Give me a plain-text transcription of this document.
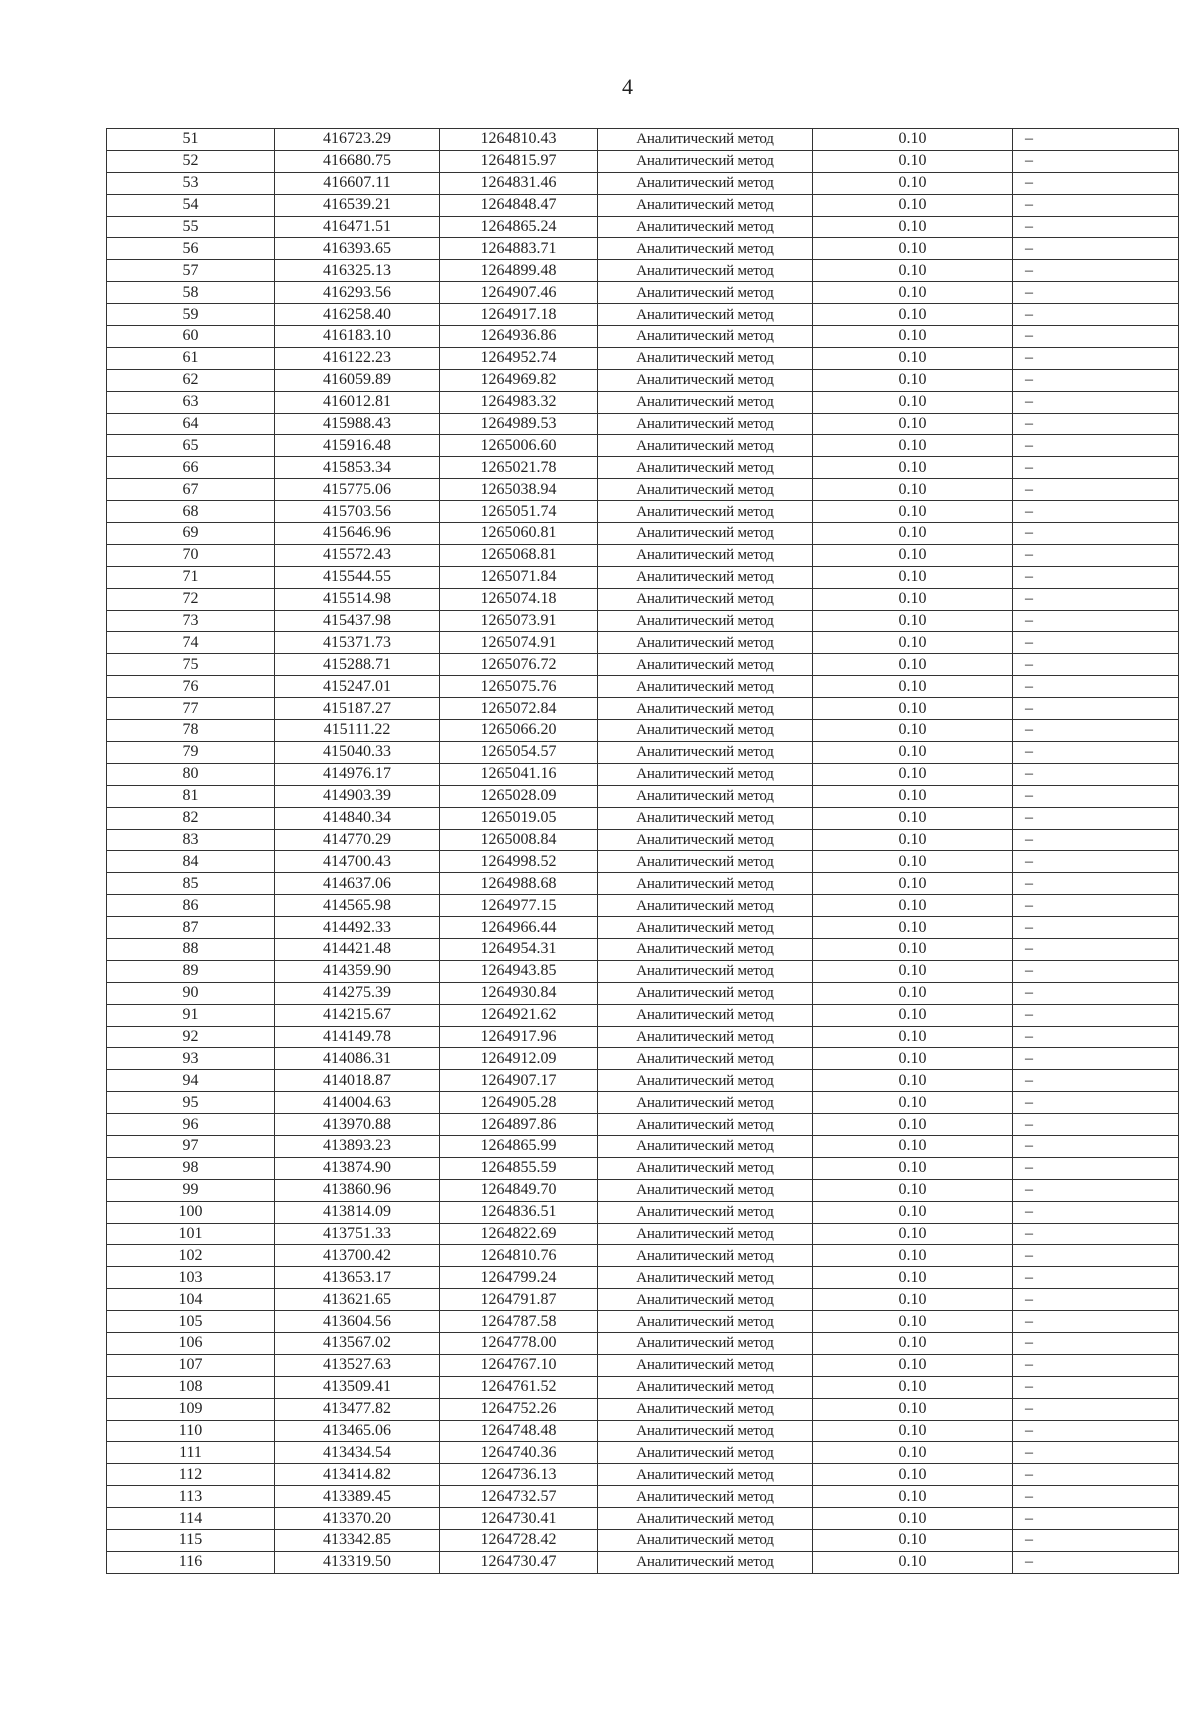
4
51	416723.29	1264810.43	Аналитический метод	0.10	–
52	416680.75	1264815.97	Аналитический метод	0.10	–
53	416607.11	1264831.46	Аналитический метод	0.10	–
54	416539.21	1264848.47	Аналитический метод	0.10	–
55	416471.51	1264865.24	Аналитический метод	0.10	–
56	416393.65	1264883.71	Аналитический метод	0.10	–
57	416325.13	1264899.48	Аналитический метод	0.10	–
58	416293.56	1264907.46	Аналитический метод	0.10	–
59	416258.40	1264917.18	Аналитический метод	0.10	–
60	416183.10	1264936.86	Аналитический метод	0.10	–
61	416122.23	1264952.74	Аналитический метод	0.10	–
62	416059.89	1264969.82	Аналитический метод	0.10	–
63	416012.81	1264983.32	Аналитический метод	0.10	–
64	415988.43	1264989.53	Аналитический метод	0.10	–
65	415916.48	1265006.60	Аналитический метод	0.10	–
66	415853.34	1265021.78	Аналитический метод	0.10	–
67	415775.06	1265038.94	Аналитический метод	0.10	–
68	415703.56	1265051.74	Аналитический метод	0.10	–
69	415646.96	1265060.81	Аналитический метод	0.10	–
70	415572.43	1265068.81	Аналитический метод	0.10	–
71	415544.55	1265071.84	Аналитический метод	0.10	–
72	415514.98	1265074.18	Аналитический метод	0.10	–
73	415437.98	1265073.91	Аналитический метод	0.10	–
74	415371.73	1265074.91	Аналитический метод	0.10	–
75	415288.71	1265076.72	Аналитический метод	0.10	–
76	415247.01	1265075.76	Аналитический метод	0.10	–
77	415187.27	1265072.84	Аналитический метод	0.10	–
78	415111.22	1265066.20	Аналитический метод	0.10	–
79	415040.33	1265054.57	Аналитический метод	0.10	–
80	414976.17	1265041.16	Аналитический метод	0.10	–
81	414903.39	1265028.09	Аналитический метод	0.10	–
82	414840.34	1265019.05	Аналитический метод	0.10	–
83	414770.29	1265008.84	Аналитический метод	0.10	–
84	414700.43	1264998.52	Аналитический метод	0.10	–
85	414637.06	1264988.68	Аналитический метод	0.10	–
86	414565.98	1264977.15	Аналитический метод	0.10	–
87	414492.33	1264966.44	Аналитический метод	0.10	–
88	414421.48	1264954.31	Аналитический метод	0.10	–
89	414359.90	1264943.85	Аналитический метод	0.10	–
90	414275.39	1264930.84	Аналитический метод	0.10	–
91	414215.67	1264921.62	Аналитический метод	0.10	–
92	414149.78	1264917.96	Аналитический метод	0.10	–
93	414086.31	1264912.09	Аналитический метод	0.10	–
94	414018.87	1264907.17	Аналитический метод	0.10	–
95	414004.63	1264905.28	Аналитический метод	0.10	–
96	413970.88	1264897.86	Аналитический метод	0.10	–
97	413893.23	1264865.99	Аналитический метод	0.10	–
98	413874.90	1264855.59	Аналитический метод	0.10	–
99	413860.96	1264849.70	Аналитический метод	0.10	–
100	413814.09	1264836.51	Аналитический метод	0.10	–
101	413751.33	1264822.69	Аналитический метод	0.10	–
102	413700.42	1264810.76	Аналитический метод	0.10	–
103	413653.17	1264799.24	Аналитический метод	0.10	–
104	413621.65	1264791.87	Аналитический метод	0.10	–
105	413604.56	1264787.58	Аналитический метод	0.10	–
106	413567.02	1264778.00	Аналитический метод	0.10	–
107	413527.63	1264767.10	Аналитический метод	0.10	–
108	413509.41	1264761.52	Аналитический метод	0.10	–
109	413477.82	1264752.26	Аналитический метод	0.10	–
110	413465.06	1264748.48	Аналитический метод	0.10	–
111	413434.54	1264740.36	Аналитический метод	0.10	–
112	413414.82	1264736.13	Аналитический метод	0.10	–
113	413389.45	1264732.57	Аналитический метод	0.10	–
114	413370.20	1264730.41	Аналитический метод	0.10	–
115	413342.85	1264728.42	Аналитический метод	0.10	–
116	413319.50	1264730.47	Аналитический метод	0.10	–
